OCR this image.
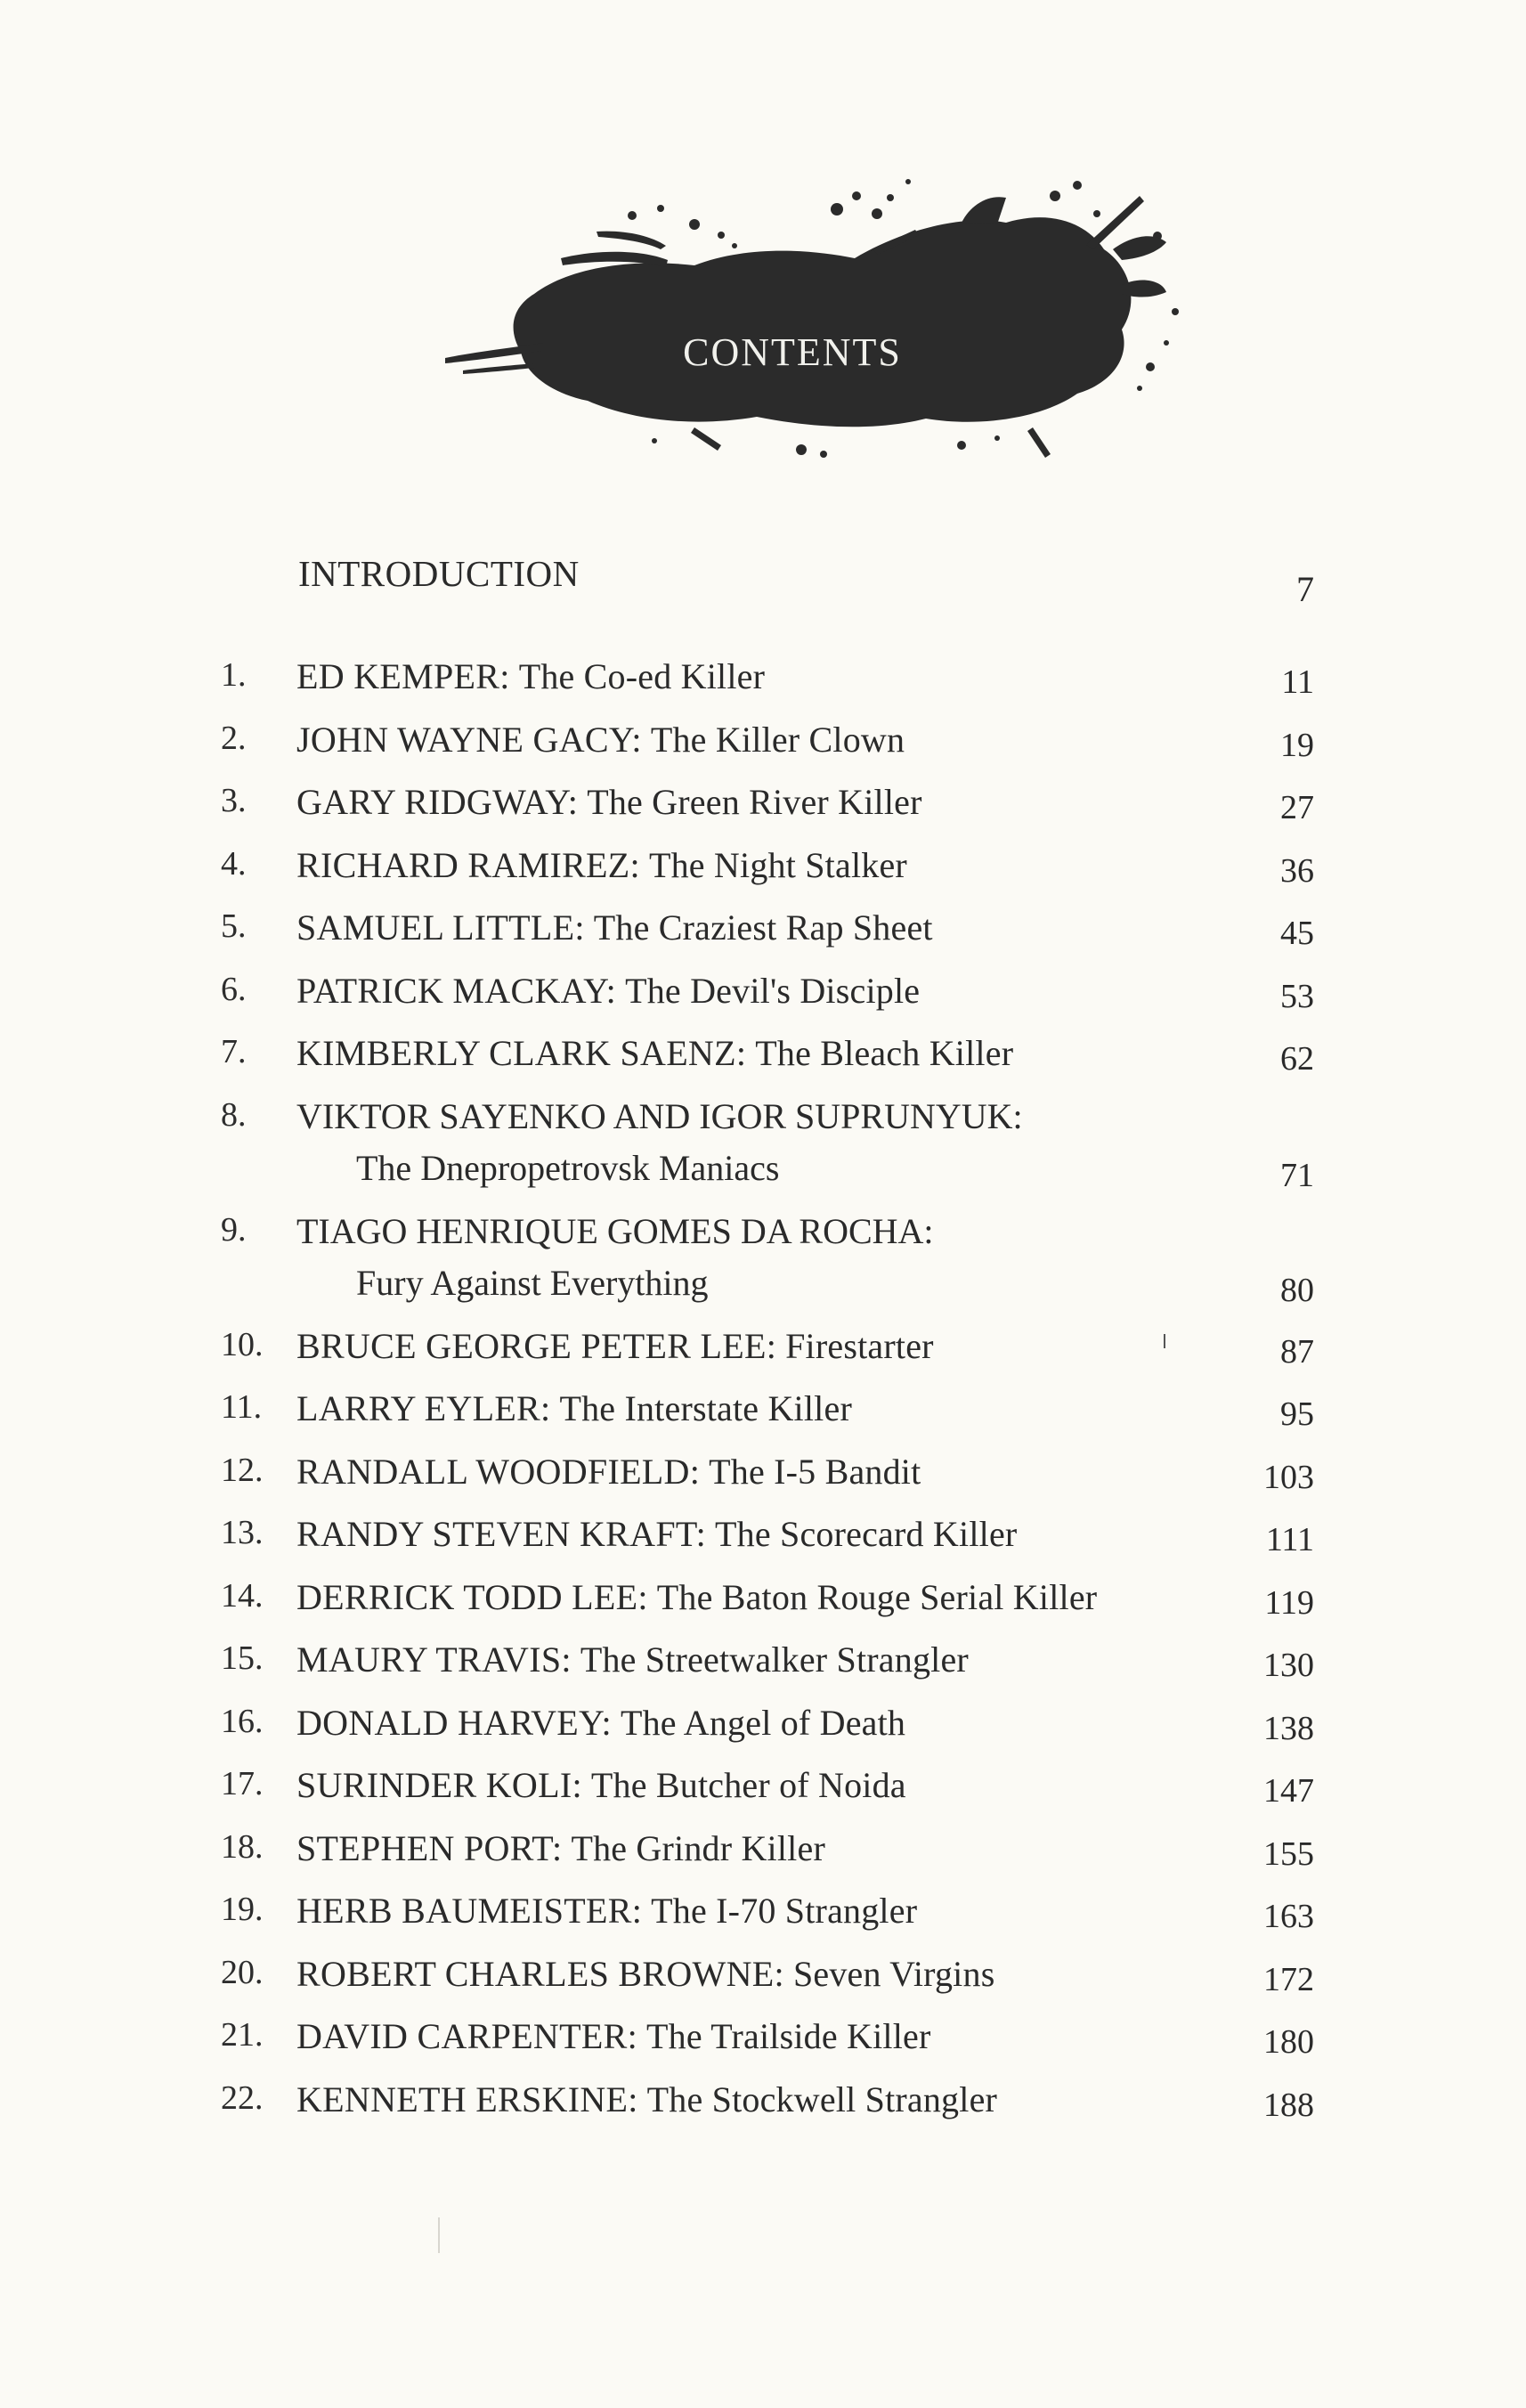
CONTENTS
INTRODUCTION	7
1. ED KEMPER: The Co-ed Killer	11
2. JOHN WAYNE GACY: The Killer Clown	19
3. GARY RIDGWAY: The Green River Killer	27
4. RICHARD RAMIREZ: The Night Stalker	36
5. SAMUEL LITTLE: The Craziest Rap Sheet	45
6. PATRICK MACKAY: The Devil's Disciple	53
7. KIMBERLY CLARK SAENZ: The Bleach Killer	62
8. VIKTOR SAYENKO AND IGOR SUPRUNYUK:
The Dnepropetrovsk Maniacs	71
9. TIAGO HENRIQUE GOMES DA ROCHA:
Fury Against Everything	80
10. BRUCE GEORGE PETER LEE: Firestarter	87
11. LARRY EYLER: The Interstate Killer	95
12. RANDALL WOODFIELD: The I-5 Bandit	103
13. RANDY STEVEN KRAFT: The Scorecard Killer	111
14. DERRICK TODD LEE: The Baton Rouge Serial Killer	119
15. MAURY TRAVIS: The Streetwalker Strangler	130
16. DONALD HARVEY: The Angel of Death	138
17. SURINDER KOLI: The Butcher of Noida	147
18. STEPHEN PORT: The Grindr Killer	155
19. HERB BAUMEISTER: The I-70 Strangler	163
20. ROBERT CHARLES BROWNE: Seven Virgins	172
21. DAVID CARPENTER: The Trailside Killer	180
22. KENNETH ERSKINE: The Stockwell Strangler	188
